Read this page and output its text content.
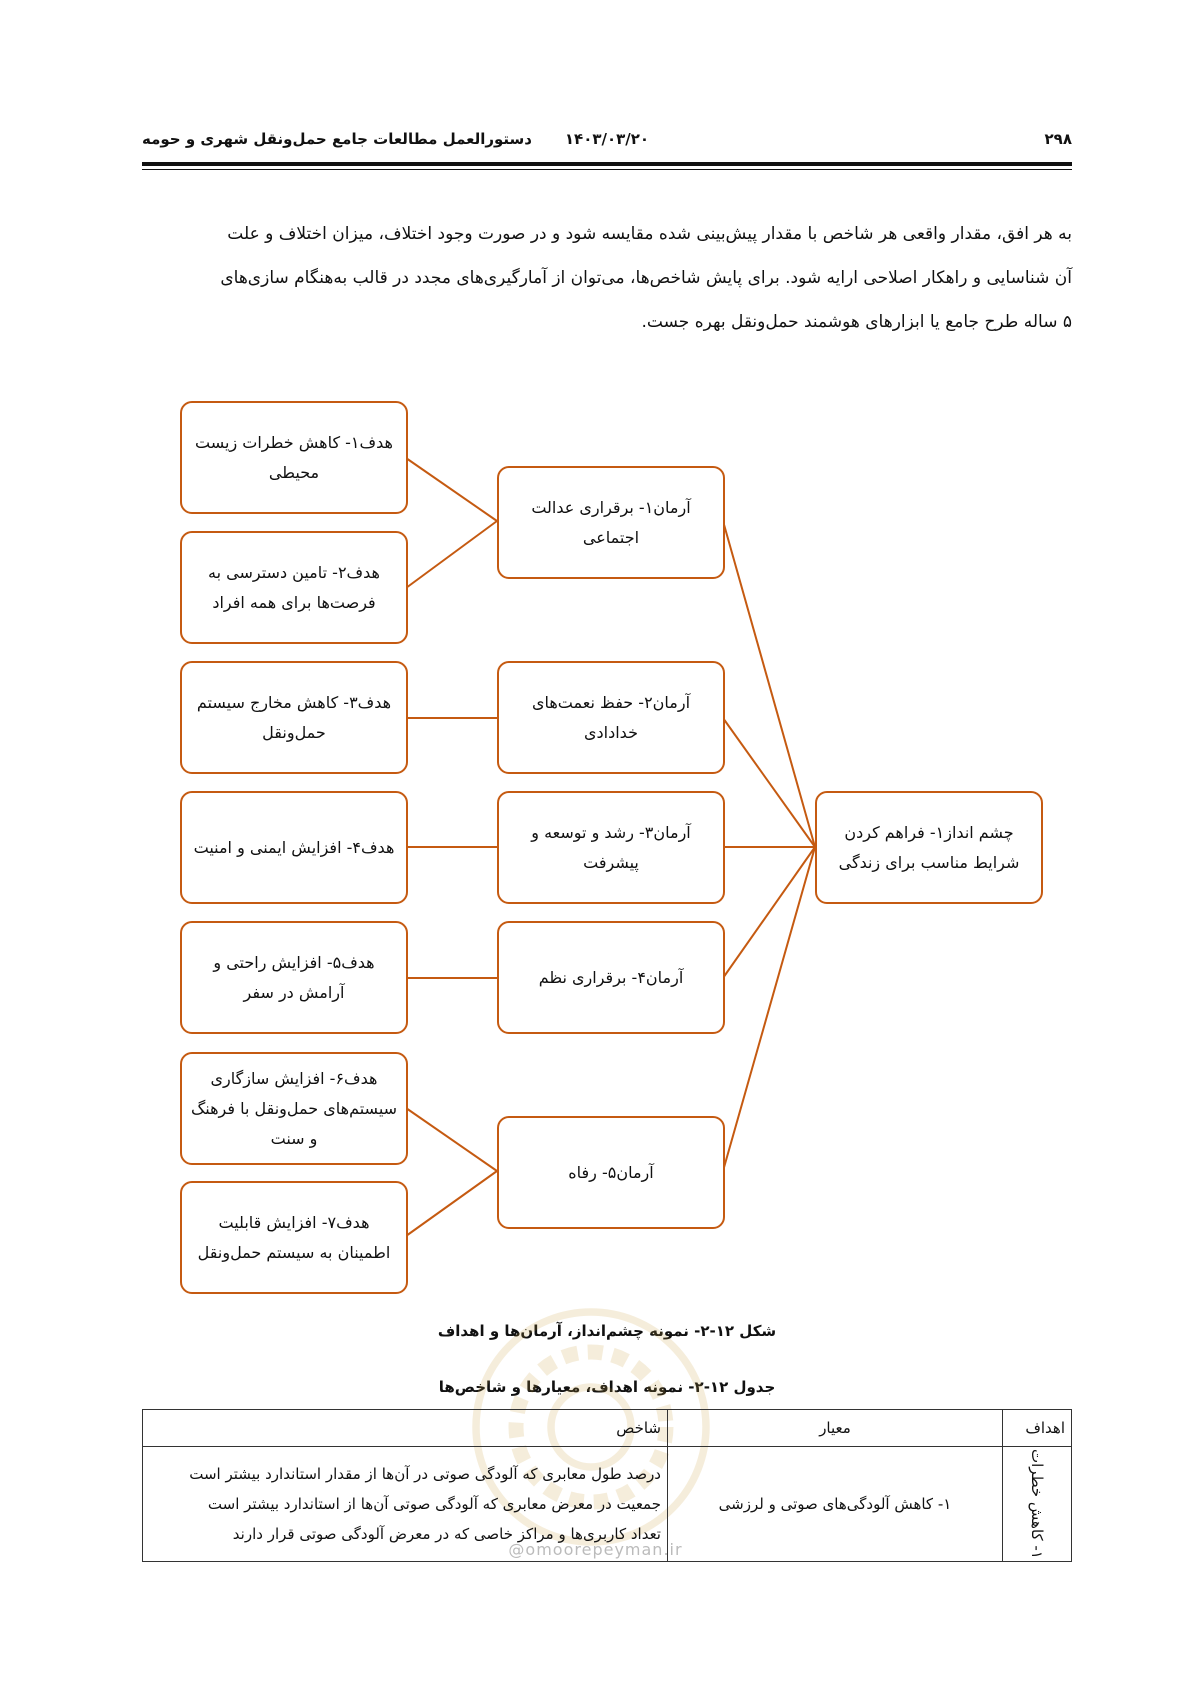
۲۹۸
۱۴۰۳/۰۳/۲۰
دستورالعمل مطالعات جامع حمل‌ونقل شهری و حومه
به هر افق، مقدار واقعی هر شاخص با مقدار پیش‌بینی شده مقایسه شود و در صورت وجود اختلاف، میزان اختلاف و علت
آن شناسایی و راهکار اصلاحی ارایه شود. برای پایش شاخص‌ها، می‌توان از آمارگیری‌های مجدد در قالب به‌هنگام سازی‌های
۵ ساله طرح جامع یا ابزارهای هوشمند حمل‌ونقل بهره جست.
هدف۱- کاهش خطرات زیست محیطی
هدف۲- تامین دسترسی به فرصت‌ها برای همه افراد
هدف۳- کاهش مخارج سیستم حمل‌ونقل
هدف۴- افزایش ایمنی و امنیت
هدف۵- افزایش راحتی و آرامش در سفر
هدف۶- افزایش سازگاری سیستم‌های حمل‌ونقل با فرهنگ و سنت
هدف۷- افزایش قابلیت اطمینان به سیستم حمل‌ونقل
آرمان۱- برقراری عدالت اجتماعی
آرمان۲- حفظ نعمت‌های خدادادی
آرمان۳- رشد و توسعه و پیشرفت
آرمان۴- برقراری نظم
آرمان۵- رفاه
چشم انداز۱- فراهم کردن شرایط مناسب برای زندگی
شکل ۱۲-۲- نمونه چشم‌انداز، آرمان‌ها و اهداف
جدول ۱۲-۲- نمونه اهداف، معیارها و شاخص‌ها
@omoorepeyman.ir
اهداف	معیار	شاخص

۱- کاهش خطرات	۱- کاهش آلودگی‌های صوتی و لرزشی	درصد طول معابری که آلودگی صوتی در آن‌ها از مقدار استاندارد بیشتر است
جمعیت در معرض معابری که آلودگی صوتی آن‌ها از استاندارد بیشتر است
تعداد کاربری‌ها و مراکز خاصی که در معرض آلودگی صوتی قرار دارند
